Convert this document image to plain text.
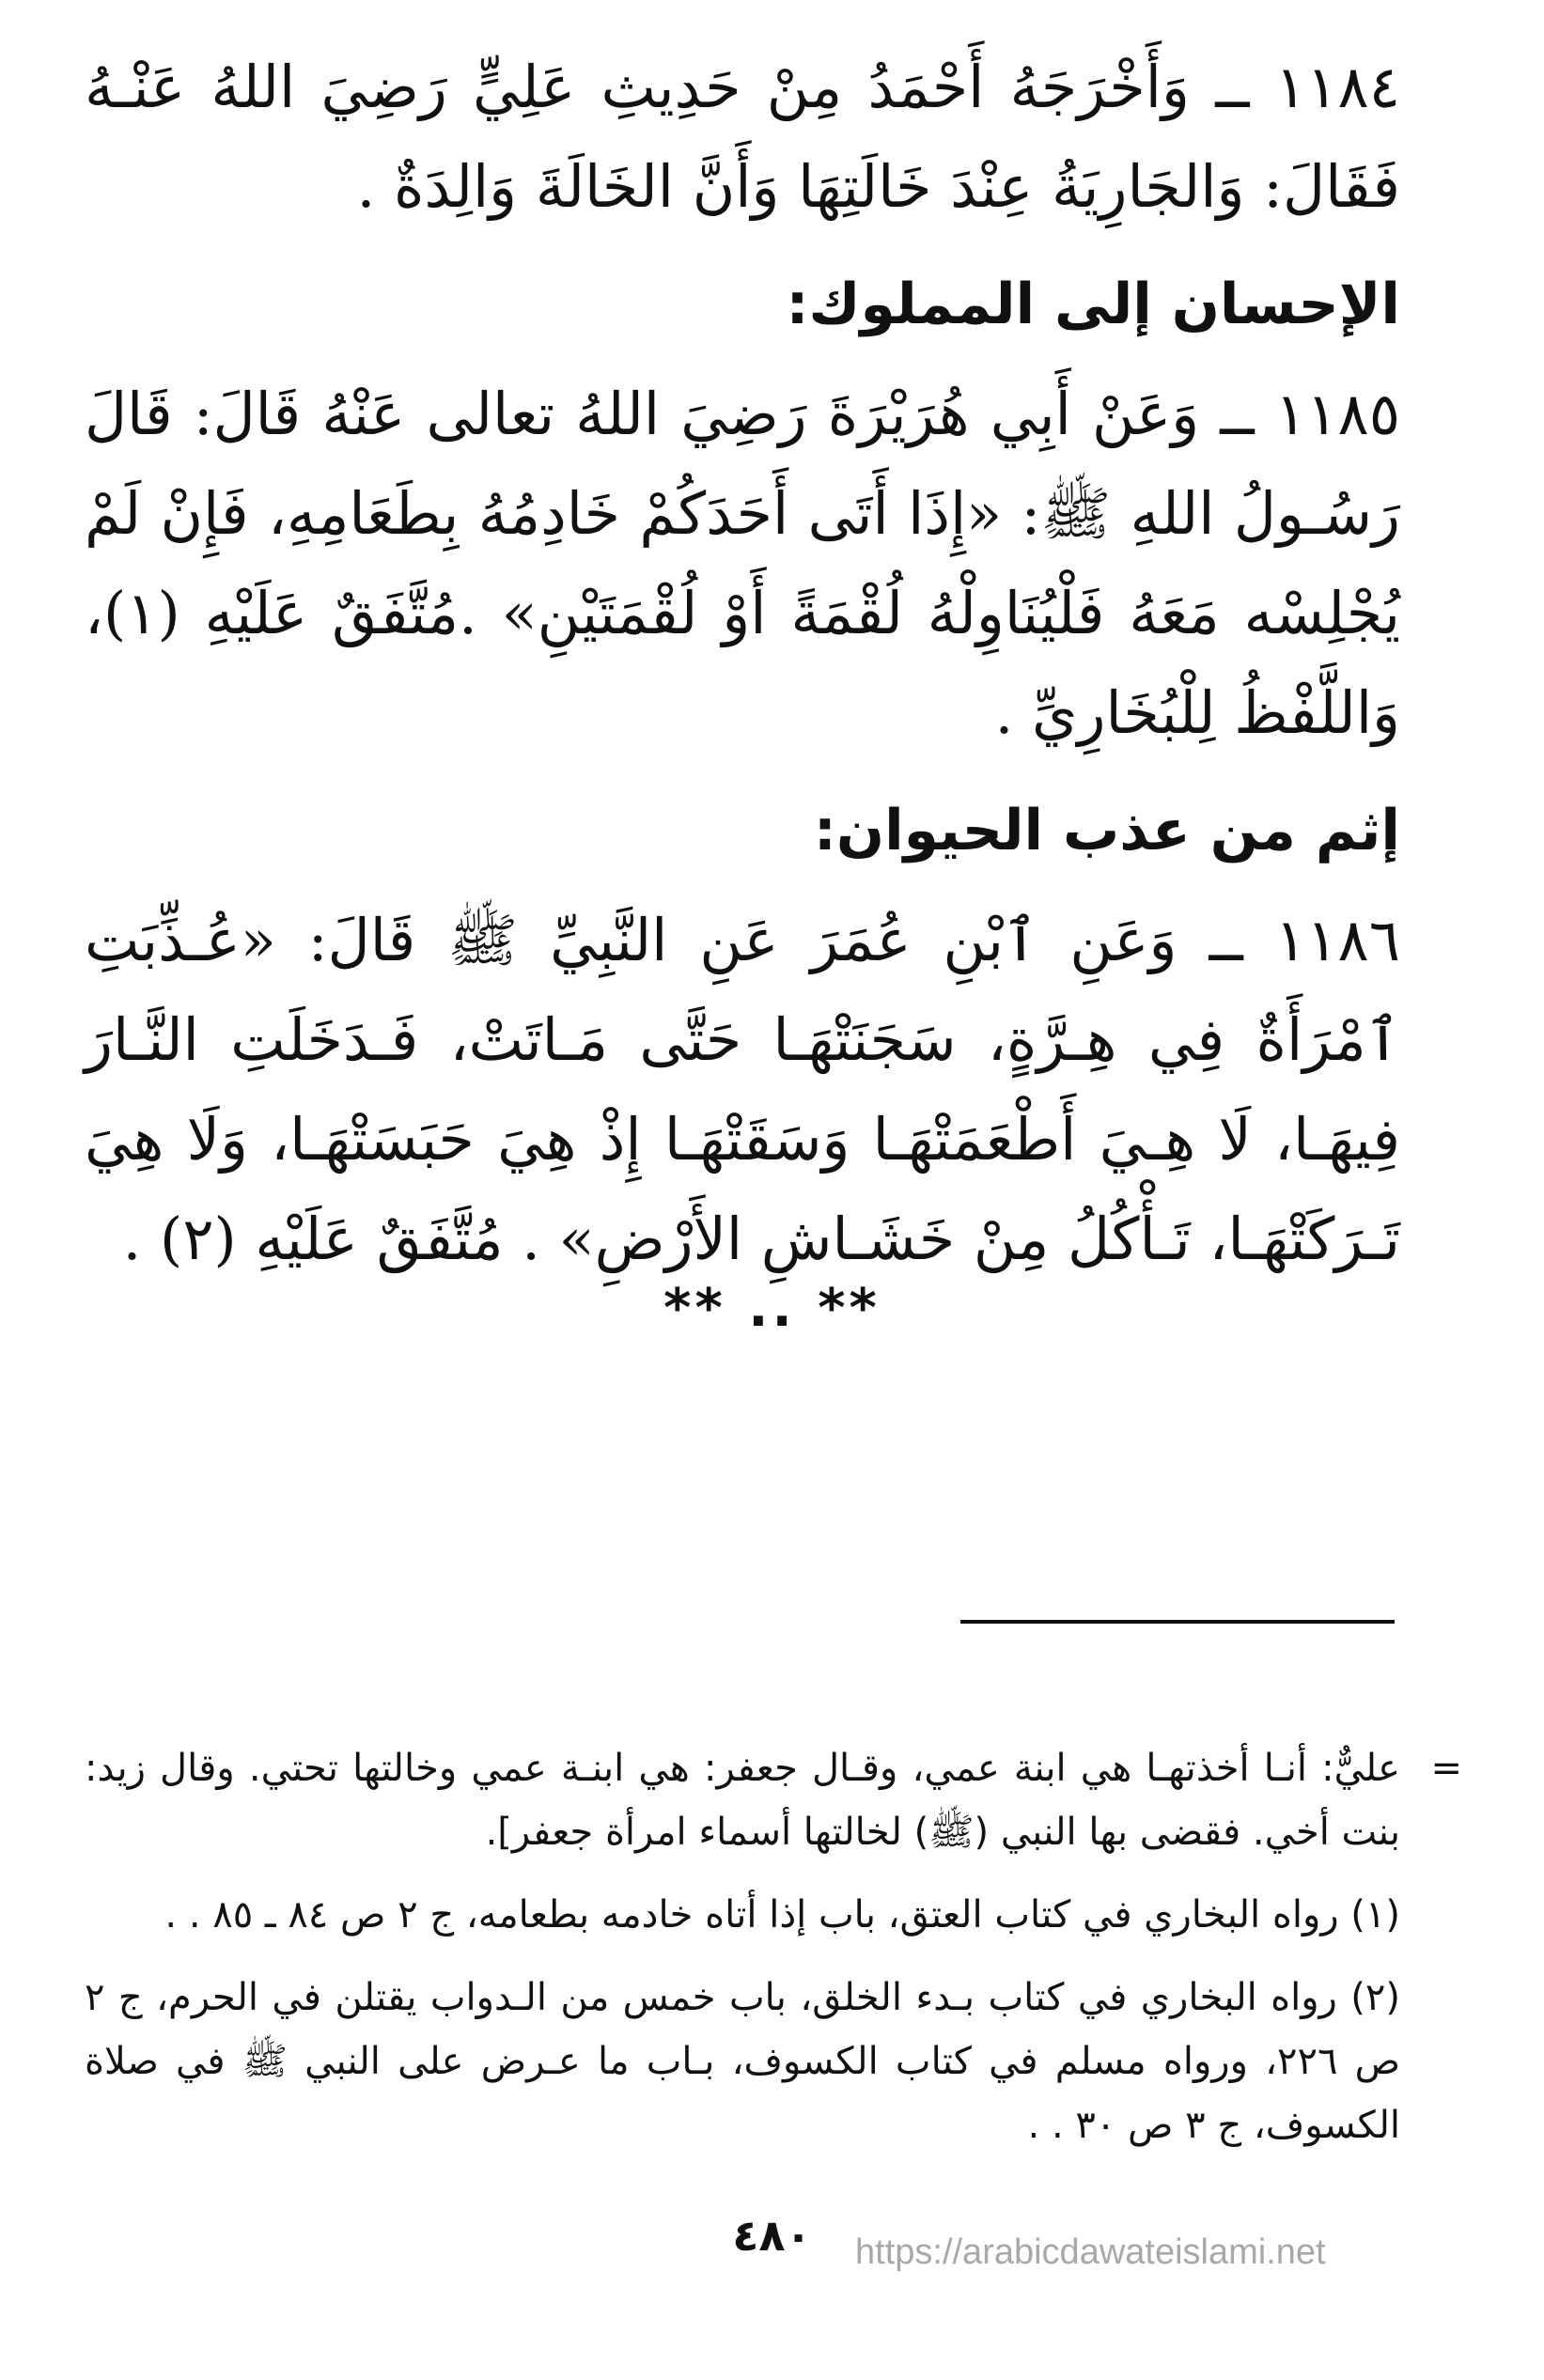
١١٨٤ ــ وَأَخْرَجَهُ أَحْمَدُ مِنْ حَدِيثِ عَلِيٍّ رَضِيَ اللهُ عَنْـهُ فَقَالَ: وَالجَارِيَةُ عِنْدَ خَالَتِهَا وَأَنَّ الخَالَةَ وَالِدَةٌ .

الإحسان إلى المملوك:

١١٨٥ ــ وَعَنْ أَبِي هُرَيْرَةَ رَضِيَ اللهُ تعالى عَنْهُ قَالَ: قَالَ رَسُـولُ اللهِ ﷺ: «إِذَا أَتَى أَحَدَكُمْ خَادِمُهُ بِطَعَامِهِ، فَإِنْ لَمْ يُجْلِسْه مَعَهُ فَلْيُنَاوِلْهُ لُقْمَةً أَوْ لُقْمَتَيْنِ» .مُتَّفَقٌ عَلَيْهِ (١)، وَاللَّفْظُ لِلْبُخَارِيِّ .

إثم من عذب الحيوان:

١١٨٦ ــ وَعَنِ ٱبْنِ عُمَرَ عَنِ النَّبِيِّ ﷺ قَالَ: «عُـذِّبَتِ ٱمْرَأَةٌ فِي هِـرَّةٍ، سَجَنَتْهَـا حَتَّى مَـاتَتْ، فَـدَخَلَتِ النَّـارَ فِيهَـا، لَا هِـيَ أَطْعَمَتْهَـا وَسَقَتْهَـا إِذْ هِيَ حَبَسَتْهَـا، وَلَا هِيَ تَـرَكَتْهَـا، تَـأْكُلُ مِنْ خَشَـاشِ الأَرْضِ» . مُتَّفَقٌ عَلَيْهِ (٢) .

** .. **

=
عليٌّ: أنـا أخذتهـا هي ابنة عمي، وقـال جعفر: هي ابنـة عمي وخالتها تحتي. وقال زيد: بنت أخي. فقضى بها النبي (ﷺ) لخالتها أسماء امرأة جعفر].

(١) رواه البخاري في كتاب العتق، باب إذا أتاه خادمه بطعامه، ج ٢ ص ٨٤ ـ ٨٥ . .

(٢) رواه البخاري في كتاب بـدء الخلق، باب خمس من الـدواب يقتلن في الحرم، ج ٢ ص ٢٢٦، ورواه مسلم في كتاب الكسوف، بـاب ما عـرض على النبي ﷺ في صلاة الكسوف، ج ٣ ص ٣٠ . .

٤٨٠	https://arabicdawateislami.net
